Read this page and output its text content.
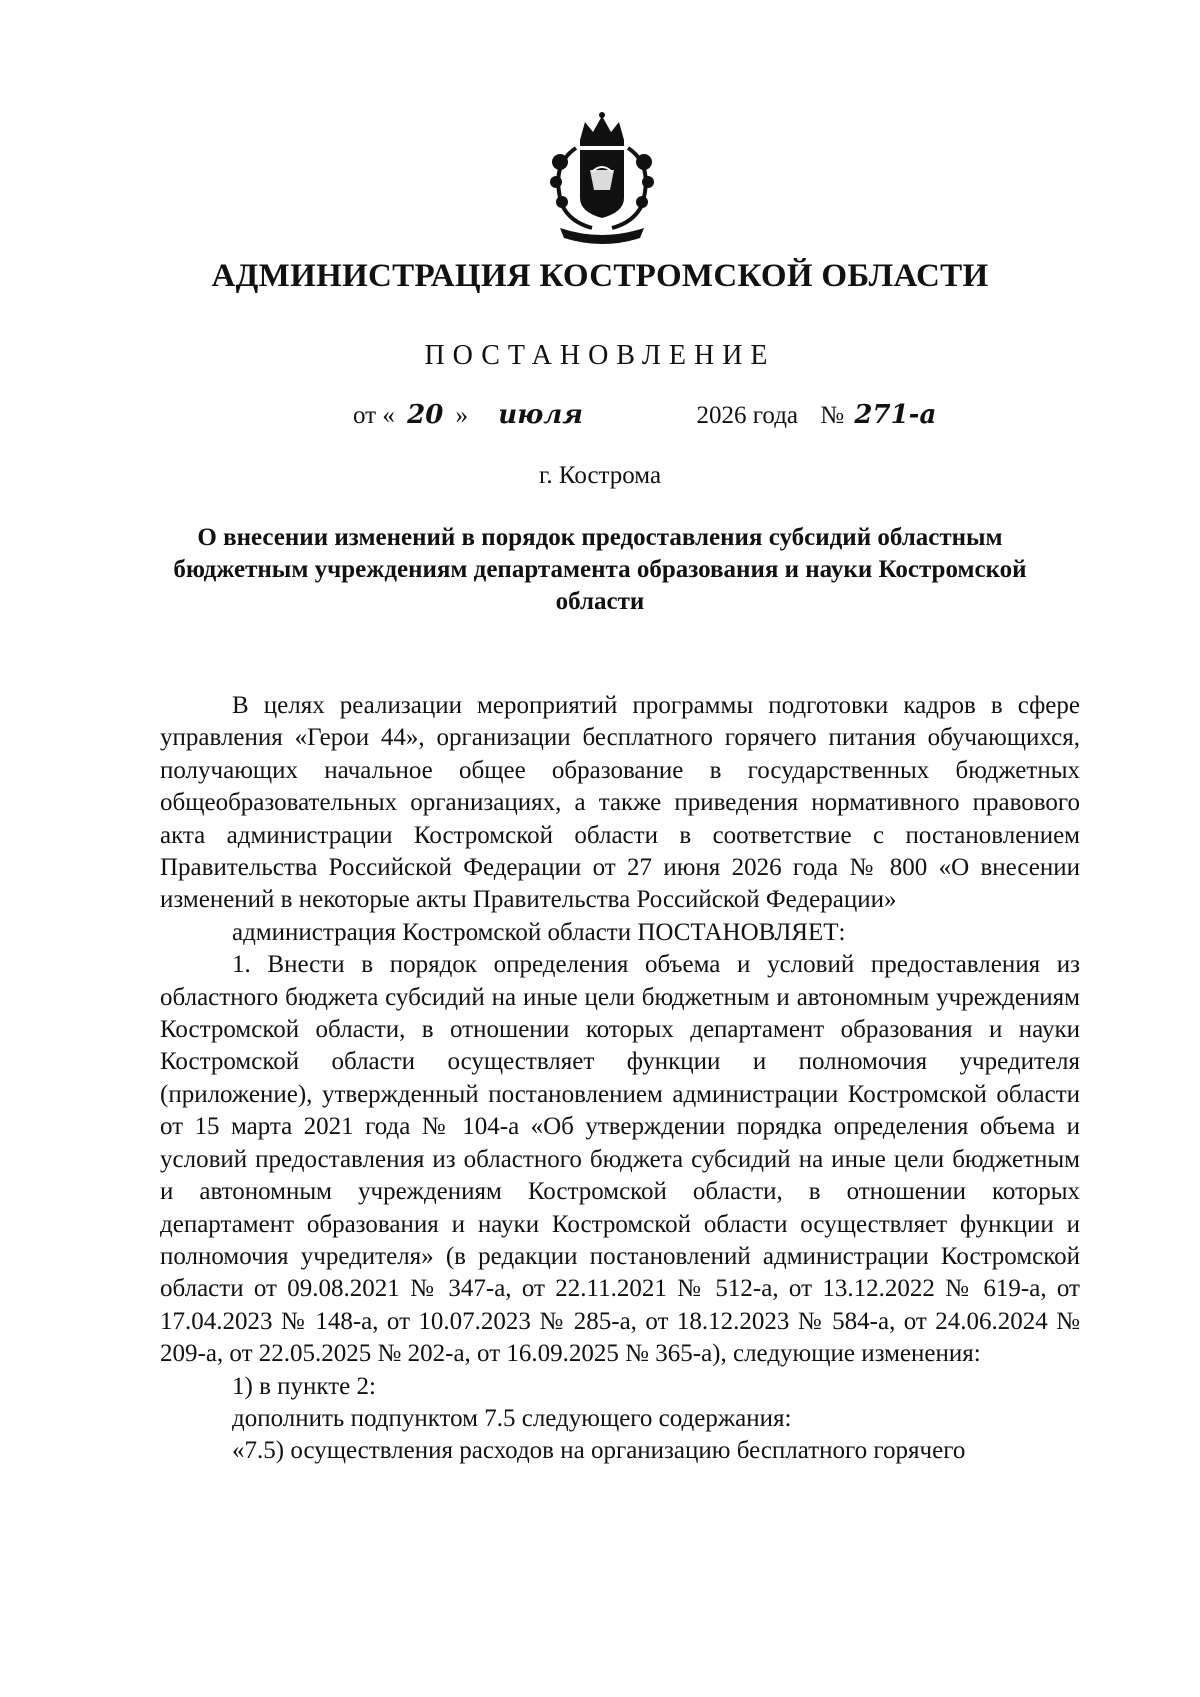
АДМИНИСТРАЦИЯ КОСТРОМСКОЙ ОБЛАСТИ
ПОСТАНОВЛЕНИЕ
от « 20 » июля	2026 года № 271-а
г. Кострома
О внесении изменений в порядок предоставления субсидий областным бюджетным учреждениям департамента образования и науки Костромской области

В целях реализации мероприятий программы подготовки кадров в сфере управления «Герои 44», организации бесплатного горячего питания обучающихся, получающих начальное общее образование в государственных бюджетных общеобразовательных организациях, а также приведения нормативного правового акта администрации Костромской области в соответствие с постановлением Правительства Российской Федерации от 27 июня 2026 года № 800 «О внесении изменений в некоторые акты Правительства Российской Федерации»

администрация Костромской области ПОСТАНОВЛЯЕТ:

1. Внести в порядок определения объема и условий предоставления из областного бюджета субсидий на иные цели бюджетным и автономным учреждениям Костромской области, в отношении которых департамент образования и науки Костромской области осуществляет функции и полномочия учредителя (приложение), утвержденный постановлением администрации Костромской области от 15 марта 2021 года № 104-а «Об утверждении порядка определения объема и условий предоставления из областного бюджета субсидий на иные цели бюджетным и автономным учреждениям Костромской области, в отношении которых департамент образования и науки Костромской области осуществляет функции и полномочия учредителя» (в редакции постановлений администрации Костромской области от 09.08.2021 № 347-а, от 22.11.2021 № 512-а, от 13.12.2022 № 619-а, от 17.04.2023 № 148-а, от 10.07.2023 № 285-а, от 18.12.2023 № 584-а, от 24.06.2024 № 209-а, от 22.05.2025 № 202-а, от 16.09.2025 № 365-а), следующие изменения:

1) в пункте 2:

дополнить подпунктом 7.5 следующего содержания:

«7.5) осуществления расходов на организацию бесплатного горячего
